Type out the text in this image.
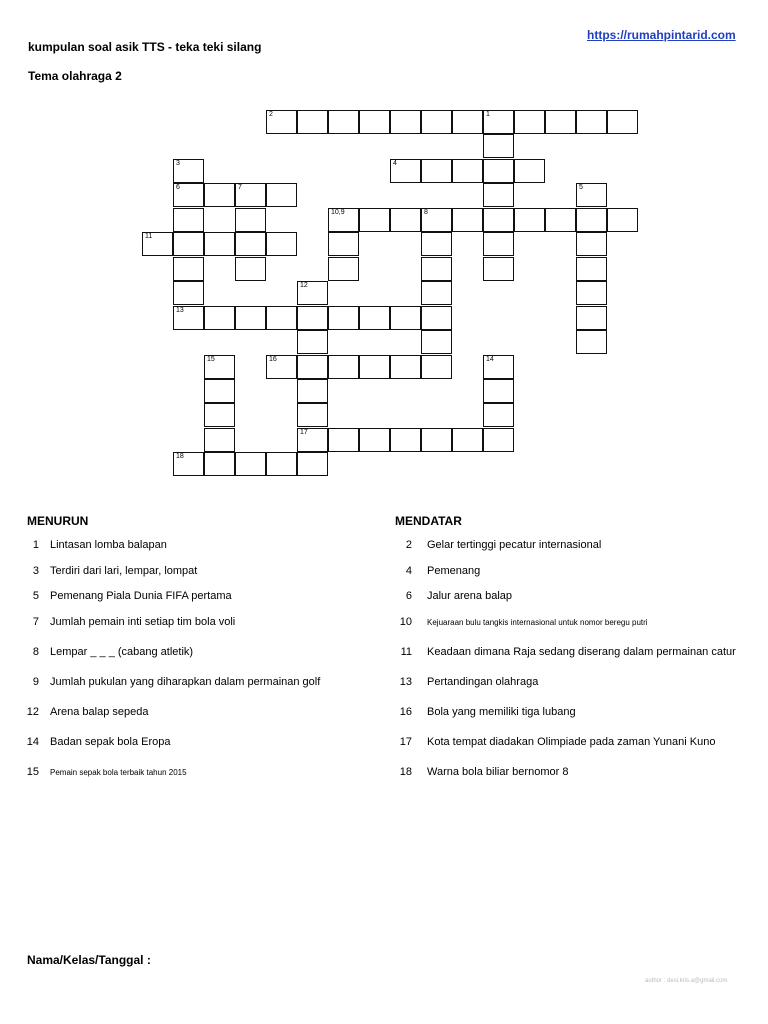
kumpulan soal asik TTS - teka teki silang
Tema olahraga 2
https://rumahpintarid.com
2	1
4
6	7
10,9	8
11
13
16
17
18
3
5
12
14
15
MENURUN	MENDATAR
1 Lintasan lomba balapan
3 Terdiri dari lari, lempar, lompat
5 Pemenang Piala Dunia FIFA pertama
7 Jumlah pemain inti setiap tim bola voli
8 Lempar _ _ _ (cabang atletik)
9 Jumlah pukulan yang diharapkan dalam permainan golf
12 Arena balap sepeda
14 Badan sepak bola Eropa
15 Pemain sepak bola terbaik tahun 2015
2 Gelar tertinggi pecatur internasional
4 Pemenang
6 Jalur arena balap
10 Kejuaraan bulu tangkis internasional untuk nomor beregu putri
11 Keadaan dimana Raja sedang diserang dalam permainan catur
13 Pertandingan olahraga
16 Bola yang memiliki tiga lubang
17 Kota tempat diadakan Olimpiade pada zaman Yunani Kuno
18 Warna bola biliar bernomor 8
Nama/Kelas/Tanggal :
author : desi.kris.a@gmail.com
